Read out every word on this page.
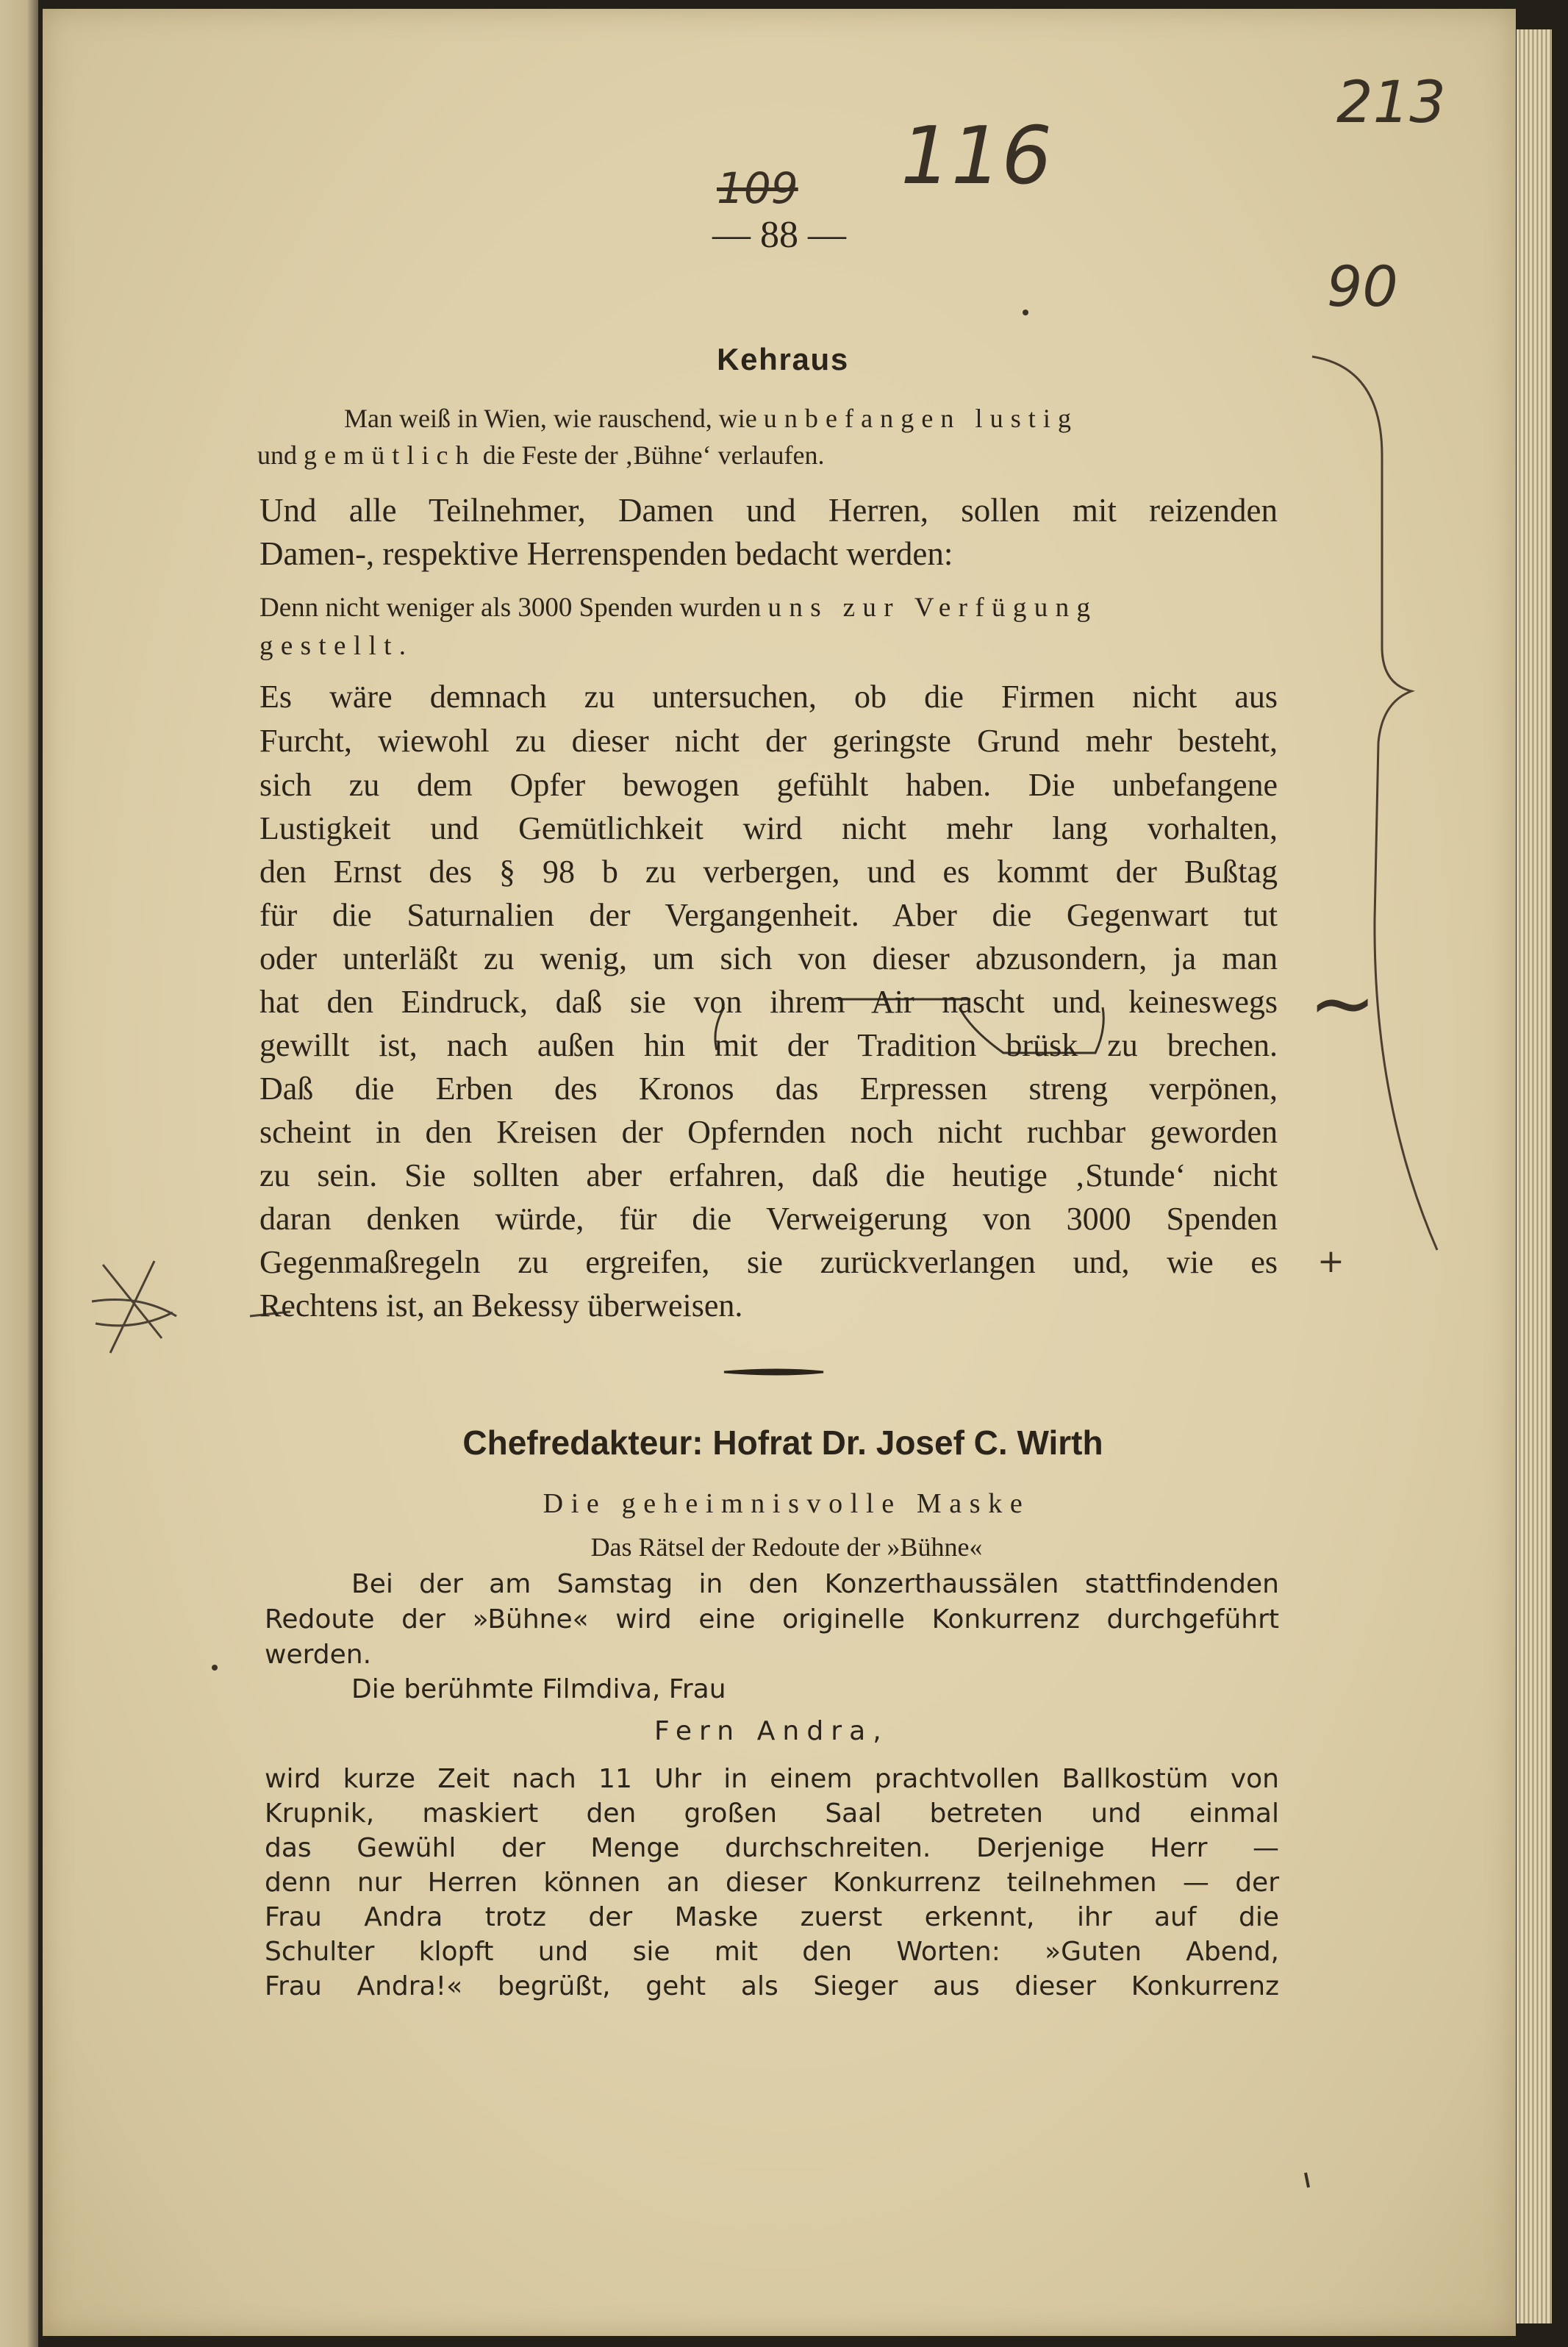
213
109 116
90
~
+
— 88 —
Kehraus
Man weiß in Wien, wie rauschend, wie unbefangen lustig
und gemütlich die Feste der ‚Bühne‘ verlaufen.
Und alle Teilnehmer, Damen und Herren, sollen mit reizenden
Damen-, respektive Herrenspenden bedacht werden:
Denn nicht weniger als 3000 Spenden wurden uns zur Verfügung
gestellt.
Es wäre demnach zu untersuchen, ob die Firmen nicht aus
Furcht, wiewohl zu dieser nicht der geringste Grund mehr besteht,
sich zu dem Opfer bewogen gefühlt haben. Die unbefangene
Lustigkeit und Gemütlichkeit wird nicht mehr lang vorhalten,
den Ernst des § 98 b zu verbergen, und es kommt der Bußtag
für die Saturnalien der Vergangenheit. Aber die Gegenwart tut
oder unterläßt zu wenig, um sich von dieser abzusondern, ja man
hat den Eindruck, daß sie von ihrem Air nascht und keineswegs
gewillt ist, nach außen hin mit der Tradition brüsk zu brechen.
Daß die Erben des Kronos das Erpressen streng verpönen,
scheint in den Kreisen der Opfernden noch nicht ruchbar geworden
zu sein. Sie sollten aber erfahren, daß die heutige ‚Stunde‘ nicht
daran denken würde, für die Verweigerung von 3000 Spenden
Gegenmaßregeln zu ergreifen, sie zurückverlangen und, wie es
Rechtens ist, an Bekessy überweisen.
Chefredakteur: Hofrat Dr. Josef C. Wirth
Die geheimnisvolle Maske
Das Rätsel der Redoute der »Bühne«
Bei der am Samstag in den Konzerthaussälen stattfindenden
Redoute der »Bühne« wird eine originelle Konkurrenz durchgeführt
werden.
Die berühmte Filmdiva, Frau
Fern Andra,
wird kurze Zeit nach 11 Uhr in einem prachtvollen Ballkostüm von
Krupnik, maskiert den großen Saal betreten und einmal
das Gewühl der Menge durchschreiten. Derjenige Herr —
denn nur Herren können an dieser Konkurrenz teilnehmen — der
Frau Andra trotz der Maske zuerst erkennt, ihr auf die
Schulter klopft und sie mit den Worten: »Guten Abend,
Frau Andra!« begrüßt, geht als Sieger aus dieser Konkurrenz
